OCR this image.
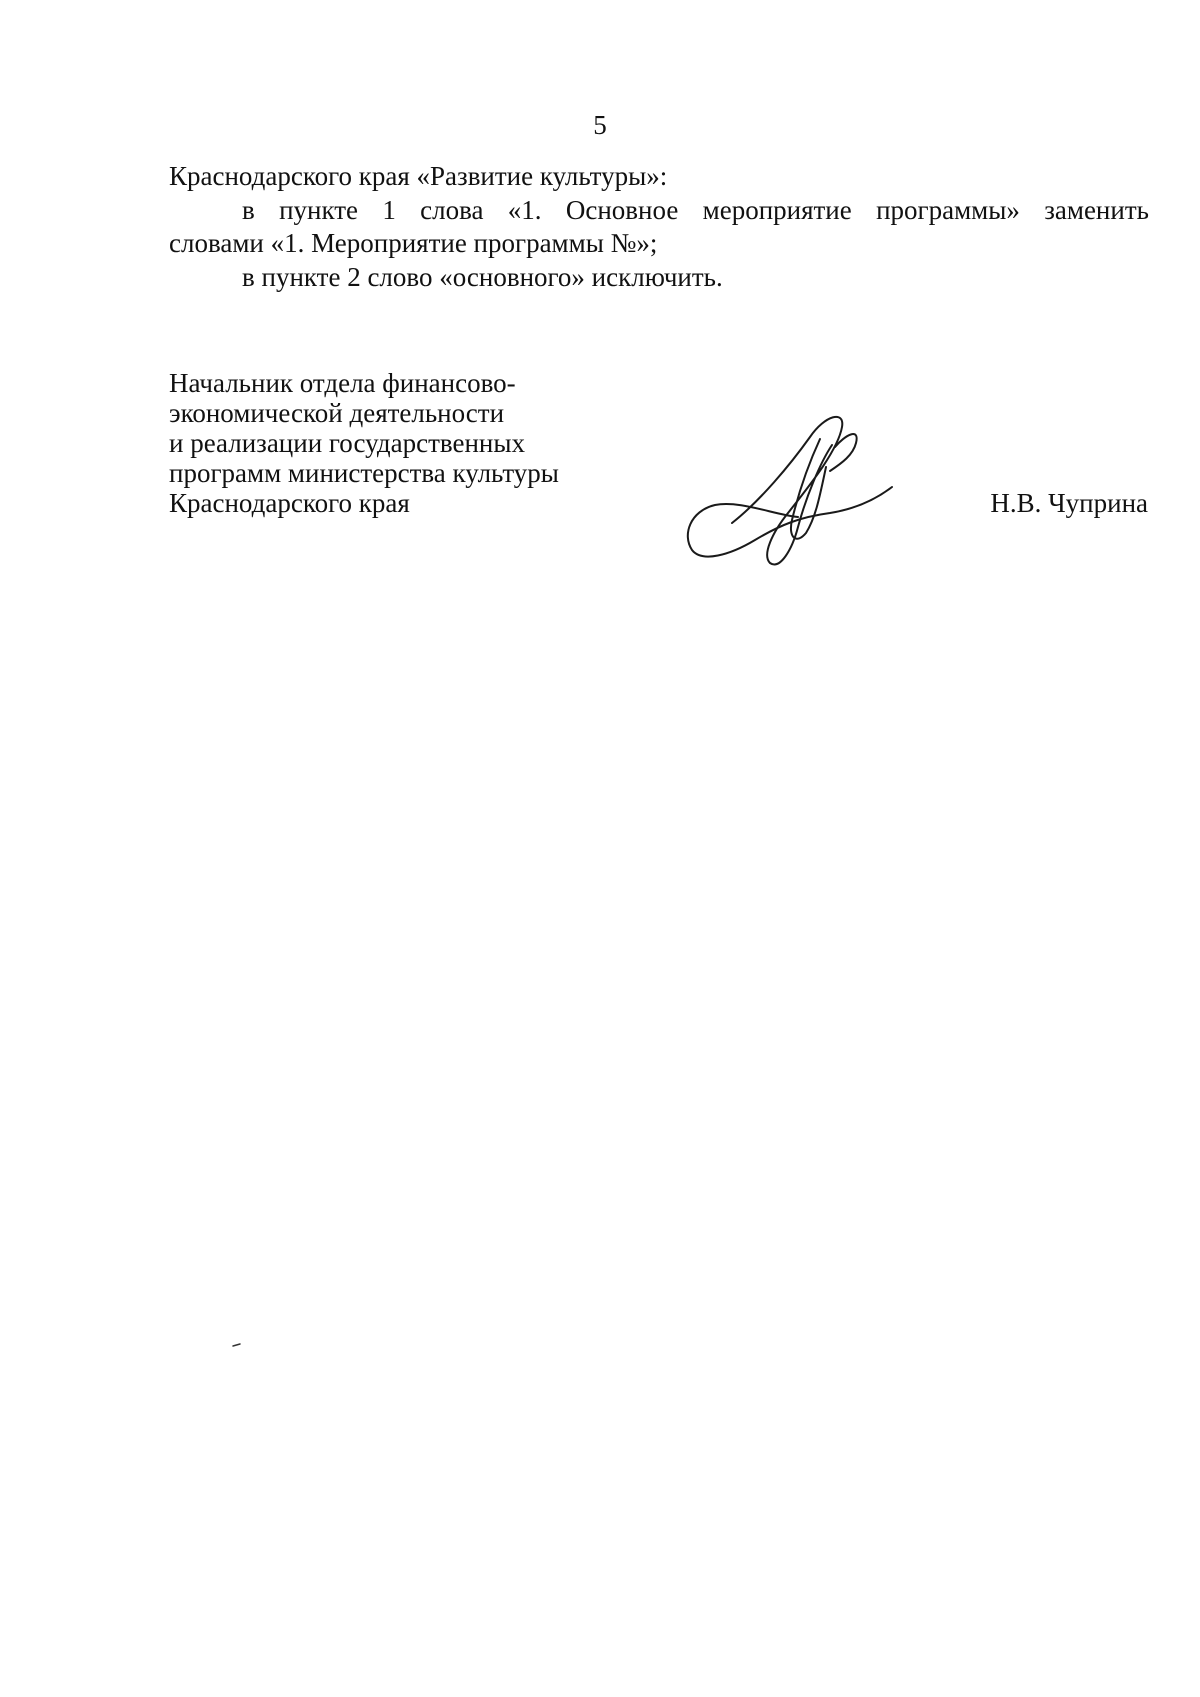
5
Краснодарского края «Развитие культуры»:
в пункте 1 слова «1. Основное мероприятие программы» заменить
словами «1. Мероприятие программы №»;
в пункте 2 слово «основного» исключить.
Начальник отдела финансово-
экономической деятельности
и реализации государственных
программ министерства культуры
Краснодарского края	Н.В. Чуприна
